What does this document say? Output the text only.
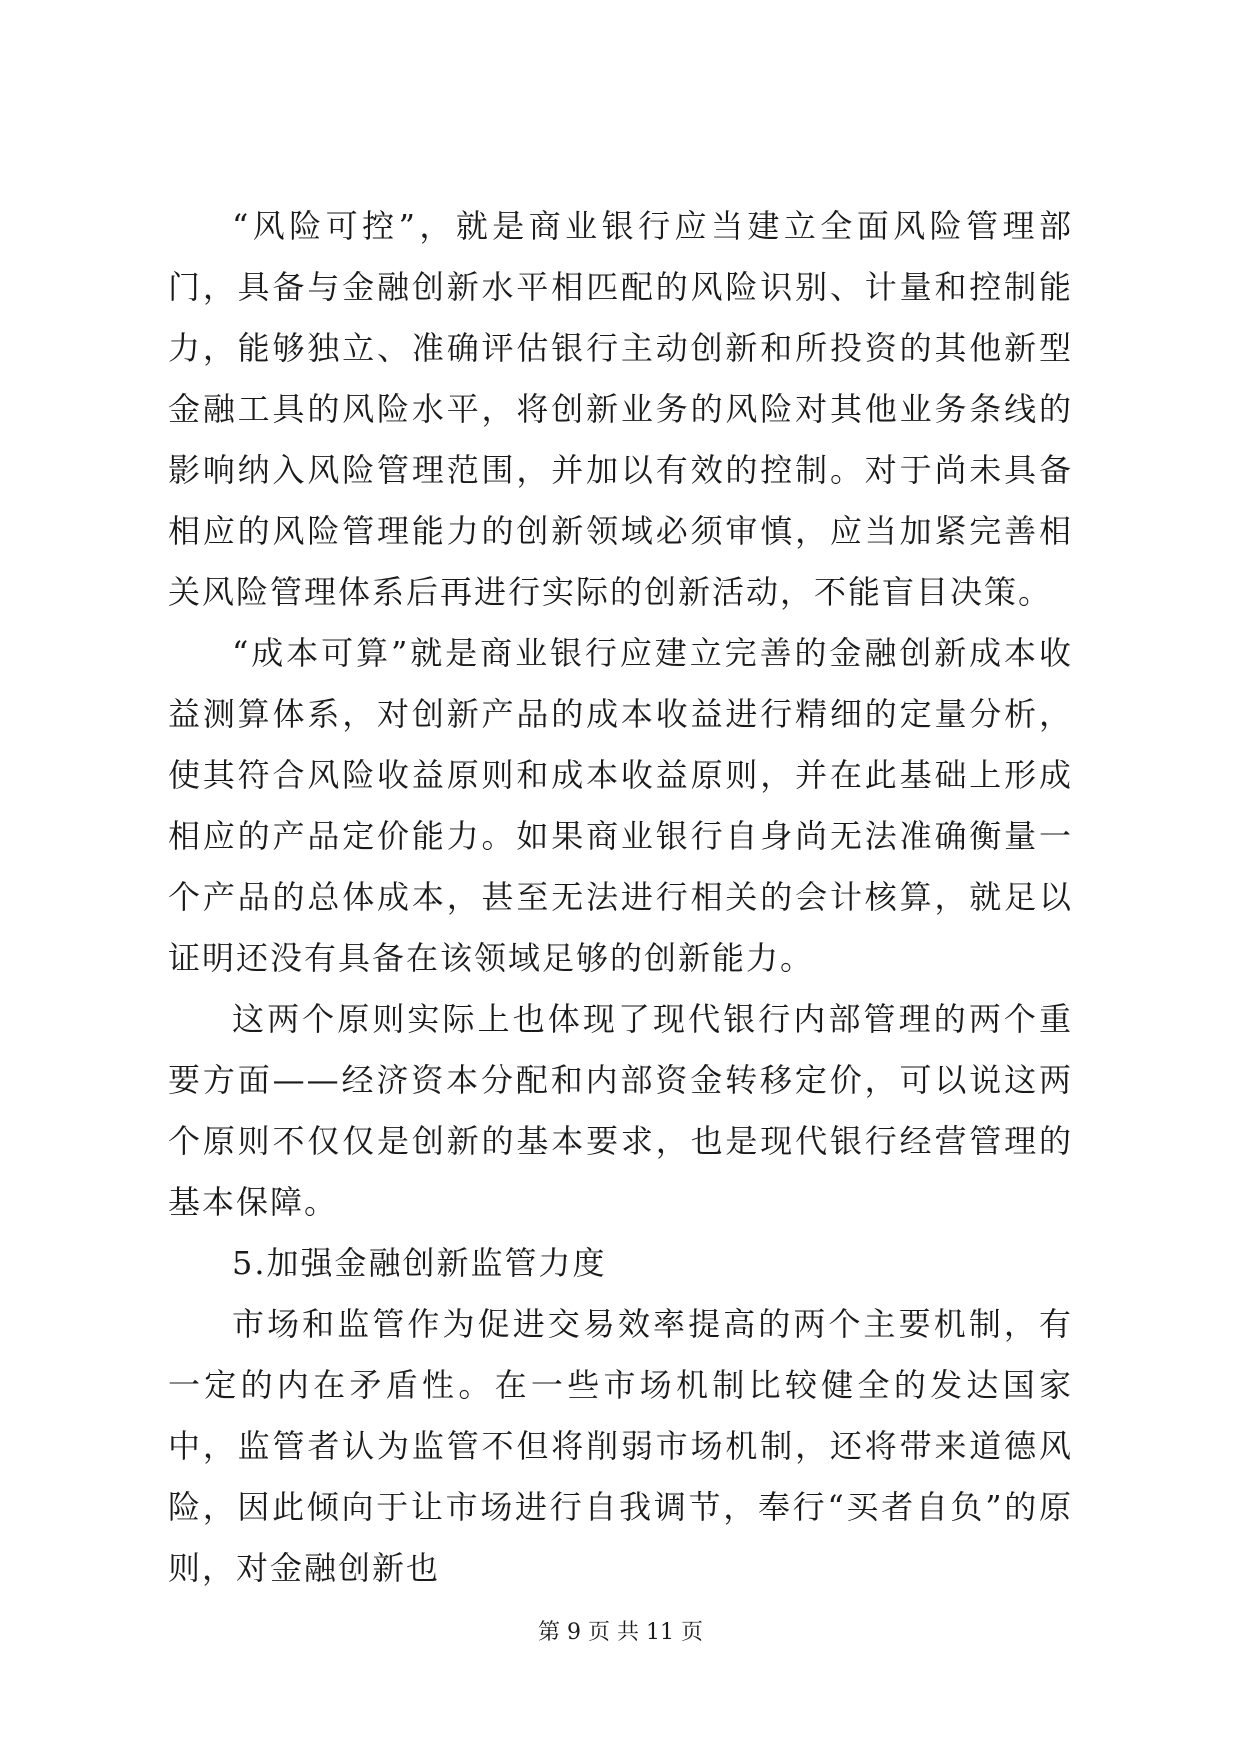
“风险可控”，就是商业银行应当建立全面风险管理部门，具备与金融创新水平相匹配的风险识别、计量和控制能力，能够独立、准确评估银行主动创新和所投资的其他新型金融工具的风险水平，将创新业务的风险对其他业务条线的影响纳入风险管理范围，并加以有效的控制。对于尚未具备相应的风险管理能力的创新领域必须审慎，应当加紧完善相关风险管理体系后再进行实际的创新活动，不能盲目决策。

“成本可算”就是商业银行应建立完善的金融创新成本收益测算体系，对创新产品的成本收益进行精细的定量分析，使其符合风险收益原则和成本收益原则，并在此基础上形成相应的产品定价能力。如果商业银行自身尚无法准确衡量一个产品的总体成本，甚至无法进行相关的会计核算，就足以证明还没有具备在该领域足够的创新能力。

这两个原则实际上也体现了现代银行内部管理的两个重要方面——经济资本分配和内部资金转移定价，可以说这两个原则不仅仅是创新的基本要求，也是现代银行经营管理的基本保障。

5.加强金融创新监管力度

市场和监管作为促进交易效率提高的两个主要机制，有一定的内在矛盾性。在一些市场机制比较健全的发达国家中，监管者认为监管不但将削弱市场机制，还将带来道德风险，因此倾向于让市场进行自我调节，奉行“买者自负”的原则，对金融创新也

第 9 页 共 11 页
